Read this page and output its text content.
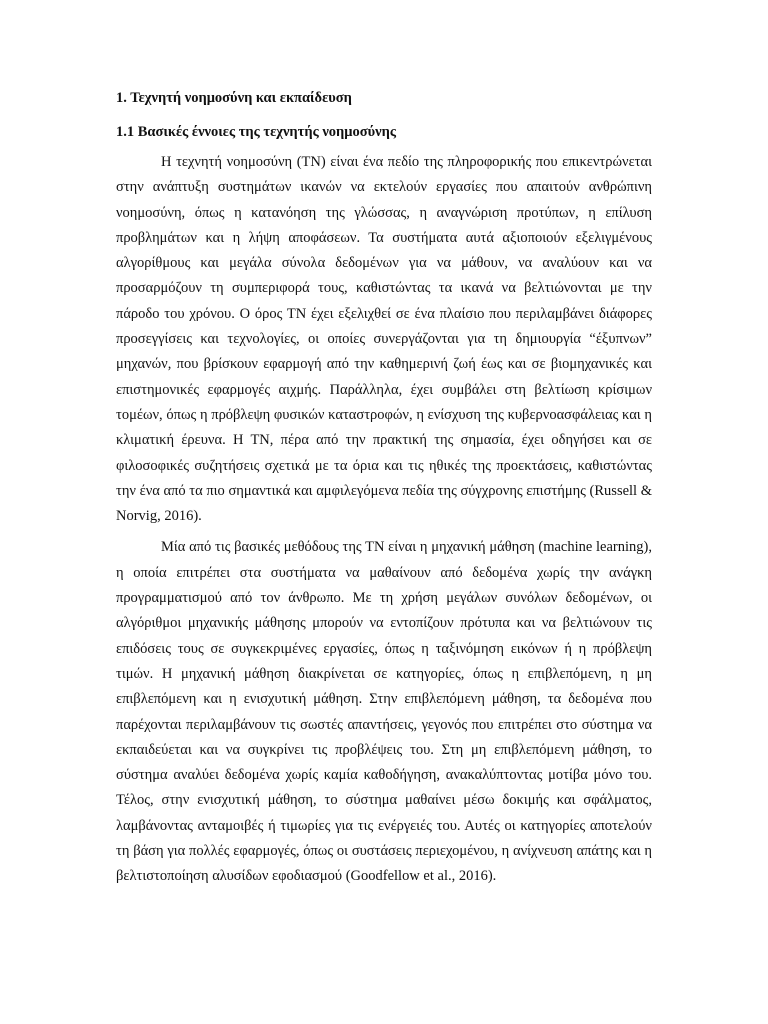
1. Τεχνητή νοημοσύνη και εκπαίδευση
1.1 Βασικές έννοιες της τεχνητής νοημοσύνης

Η τεχνητή νοημοσύνη (ΤΝ) είναι ένα πεδίο της πληροφορικής που επικεντρώνεται στην ανάπτυξη συστημάτων ικανών να εκτελούν εργασίες που απαιτούν ανθρώπινη νοημοσύνη, όπως η κατανόηση της γλώσσας, η αναγνώριση προτύπων, η επίλυση προβλημάτων και η λήψη αποφάσεων. Τα συστήματα αυτά αξιοποιούν εξελιγμένους αλγορίθμους και μεγάλα σύνολα δεδομένων για να μάθουν, να αναλύουν και να προσαρμόζουν τη συμπεριφορά τους, καθιστώντας τα ικανά να βελτιώνονται με την πάροδο του χρόνου. Ο όρος ΤΝ έχει εξελιχθεί σε ένα πλαίσιο που περιλαμβάνει διάφορες προσεγγίσεις και τεχνολογίες, οι οποίες συνεργάζονται για τη δημιουργία “έξυπνων” μηχανών, που βρίσκουν εφαρμογή από την καθημερινή ζωή έως και σε βιομηχανικές και επιστημονικές εφαρμογές αιχμής. Παράλληλα, έχει συμβάλει στη βελτίωση κρίσιμων τομέων, όπως η πρόβλεψη φυσικών καταστροφών, η ενίσχυση της κυβερνοασφάλειας και η κλιματική έρευνα. Η ΤΝ, πέρα από την πρακτική της σημασία, έχει οδηγήσει και σε φιλοσοφικές συζητήσεις σχετικά με τα όρια και τις ηθικές της προεκτάσεις, καθιστώντας την ένα από τα πιο σημαντικά και αμφιλεγόμενα πεδία της σύγχρονης επιστήμης (Russell & Norvig, 2016).

Μία από τις βασικές μεθόδους της ΤΝ είναι η μηχανική μάθηση (machine learning), η οποία επιτρέπει στα συστήματα να μαθαίνουν από δεδομένα χωρίς την ανάγκη προγραμματισμού από τον άνθρωπο. Με τη χρήση μεγάλων συνόλων δεδομένων, οι αλγόριθμοι μηχανικής μάθησης μπορούν να εντοπίζουν πρότυπα και να βελτιώνουν τις επιδόσεις τους σε συγκεκριμένες εργασίες, όπως η ταξινόμηση εικόνων ή η πρόβλεψη τιμών. Η μηχανική μάθηση διακρίνεται σε κατηγορίες, όπως η επιβλεπόμενη, η μη επιβλεπόμενη και η ενισχυτική μάθηση. Στην επιβλεπόμενη μάθηση, τα δεδομένα που παρέχονται περιλαμβάνουν τις σωστές απαντήσεις, γεγονός που επιτρέπει στο σύστημα να εκπαιδεύεται και να συγκρίνει τις προβλέψεις του. Στη μη επιβλεπόμενη μάθηση, το σύστημα αναλύει δεδομένα χωρίς καμία καθοδήγηση, ανακαλύπτοντας μοτίβα μόνο του. Τέλος, στην ενισχυτική μάθηση, το σύστημα μαθαίνει μέσω δοκιμής και σφάλματος, λαμβάνοντας ανταμοιβές ή τιμωρίες για τις ενέργειές του. Αυτές οι κατηγορίες αποτελούν τη βάση για πολλές εφαρμογές, όπως οι συστάσεις περιεχομένου, η ανίχνευση απάτης και η βελτιστοποίηση αλυσίδων εφοδιασμού (Goodfellow et al., 2016).
